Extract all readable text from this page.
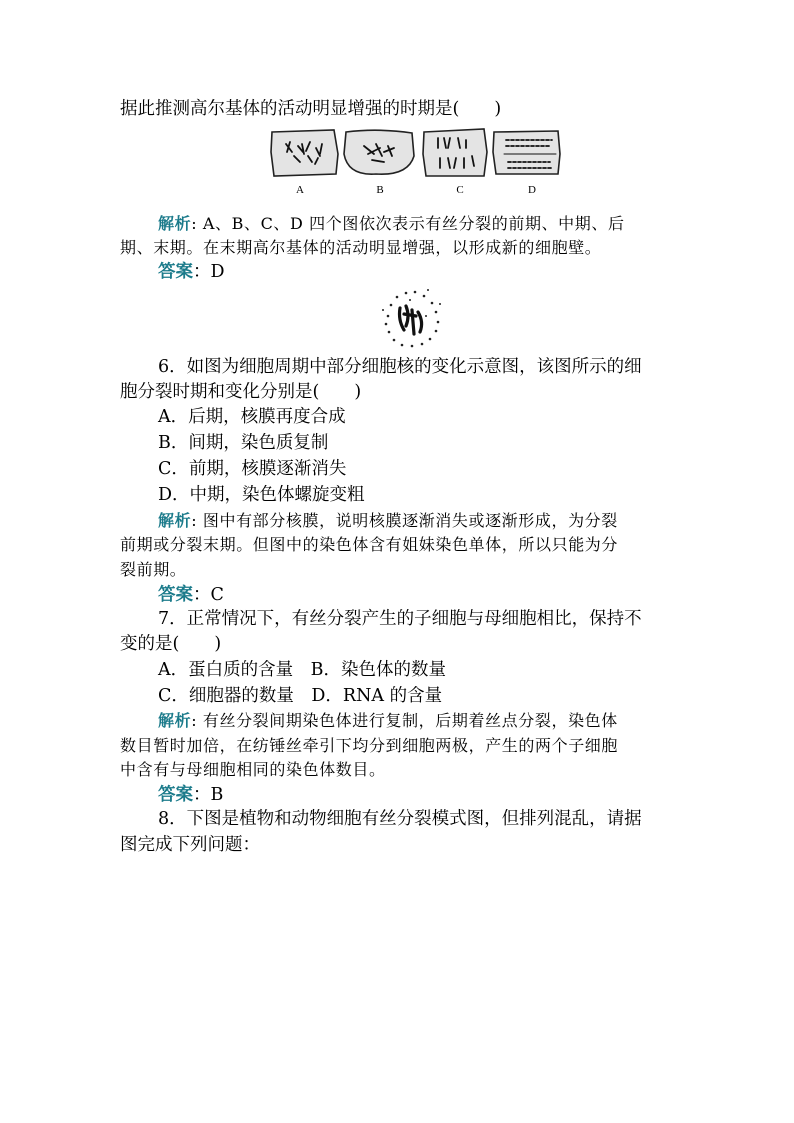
据此推测高尔基体的活动明显增强的时期是(　　)
A	B	C	D
解析: A、B、C、D 四个图依次表示有丝分裂的前期、中期、后
期、末期。在末期高尔基体的活动明显增强，以形成新的细胞壁。
答案：D
6．如图为细胞周期中部分细胞核的变化示意图，该图所示的细
胞分裂时期和变化分别是(　　)
A．后期，核膜再度合成
B．间期，染色质复制
C．前期，核膜逐渐消失
D．中期，染色体螺旋变粗
解析: 图中有部分核膜，说明核膜逐渐消失或逐渐形成，为分裂
前期或分裂末期。但图中的染色体含有姐妹染色单体，所以只能为分
裂前期。
答案：C
7．正常情况下，有丝分裂产生的子细胞与母细胞相比，保持不
变的是(　　)
A．蛋白质的含量　B．染色体的数量
C．细胞器的数量　D．RNA 的含量
解析: 有丝分裂间期染色体进行复制，后期着丝点分裂，染色体
数目暂时加倍，在纺锤丝牵引下均分到细胞两极，产生的两个子细胞
中含有与母细胞相同的染色体数目。
答案：B
8．下图是植物和动物细胞有丝分裂模式图，但排列混乱，请据
图完成下列问题：
